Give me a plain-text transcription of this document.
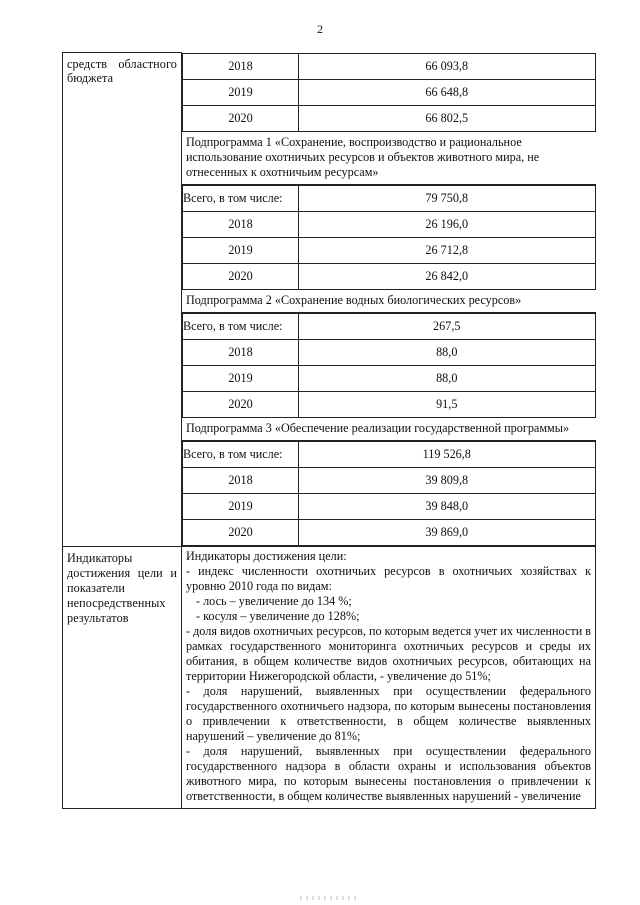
2
средств областного бюджета

2018	66 093,8
2019	66 648,8
2020	66 802,5
Подпрограмма 1 «Сохранение, воспроизводство и рациональное использование охотничьих ресурсов и объектов животного мира, не отнесенных к охотничьим ресурсам»
Всего, в том числе:	79 750,8
2018	26 196,0
2019	26 712,8
2020	26 842,0
Подпрограмма 2 «Сохранение водных биологических ресурсов»
Всего, в том числе:	267,5
2018	88,0
2019	88,0
2020	91,5
Подпрограмма 3 «Обеспечение реализации государственной программы»
Всего, в том числе:	119 526,8
2018	39 809,8
2019	39 848,0
2020	39 869,0

Индикаторы достижения цели и показатели непосредственных результатов

Индикаторы достижения цели:
- индекс численности охотничьих ресурсов в охотничьих хозяйствах к уровню 2010 года по видам:
- лось – увеличение до 134 %;
- косуля – увеличение до 128%;
- доля видов охотничьих ресурсов, по которым ведется учет их численности в рамках государственного мониторинга охотничьих ресурсов и среды их обитания, в общем количестве видов охотничьих ресурсов, обитающих на территории Нижегородской области, - увеличение до 51%;
- доля нарушений, выявленных при осуществлении федерального государственного охотничьего надзора, по которым вынесены постановления о привлечении к ответственности, в общем количестве выявленных нарушений – увеличение до 81%;
- доля нарушений, выявленных при осуществлении федерального государственного надзора в области охраны и использования объектов животного мира, по которым вынесены постановления о привлечении к ответственности, в общем количестве выявленных нарушений - увеличение
